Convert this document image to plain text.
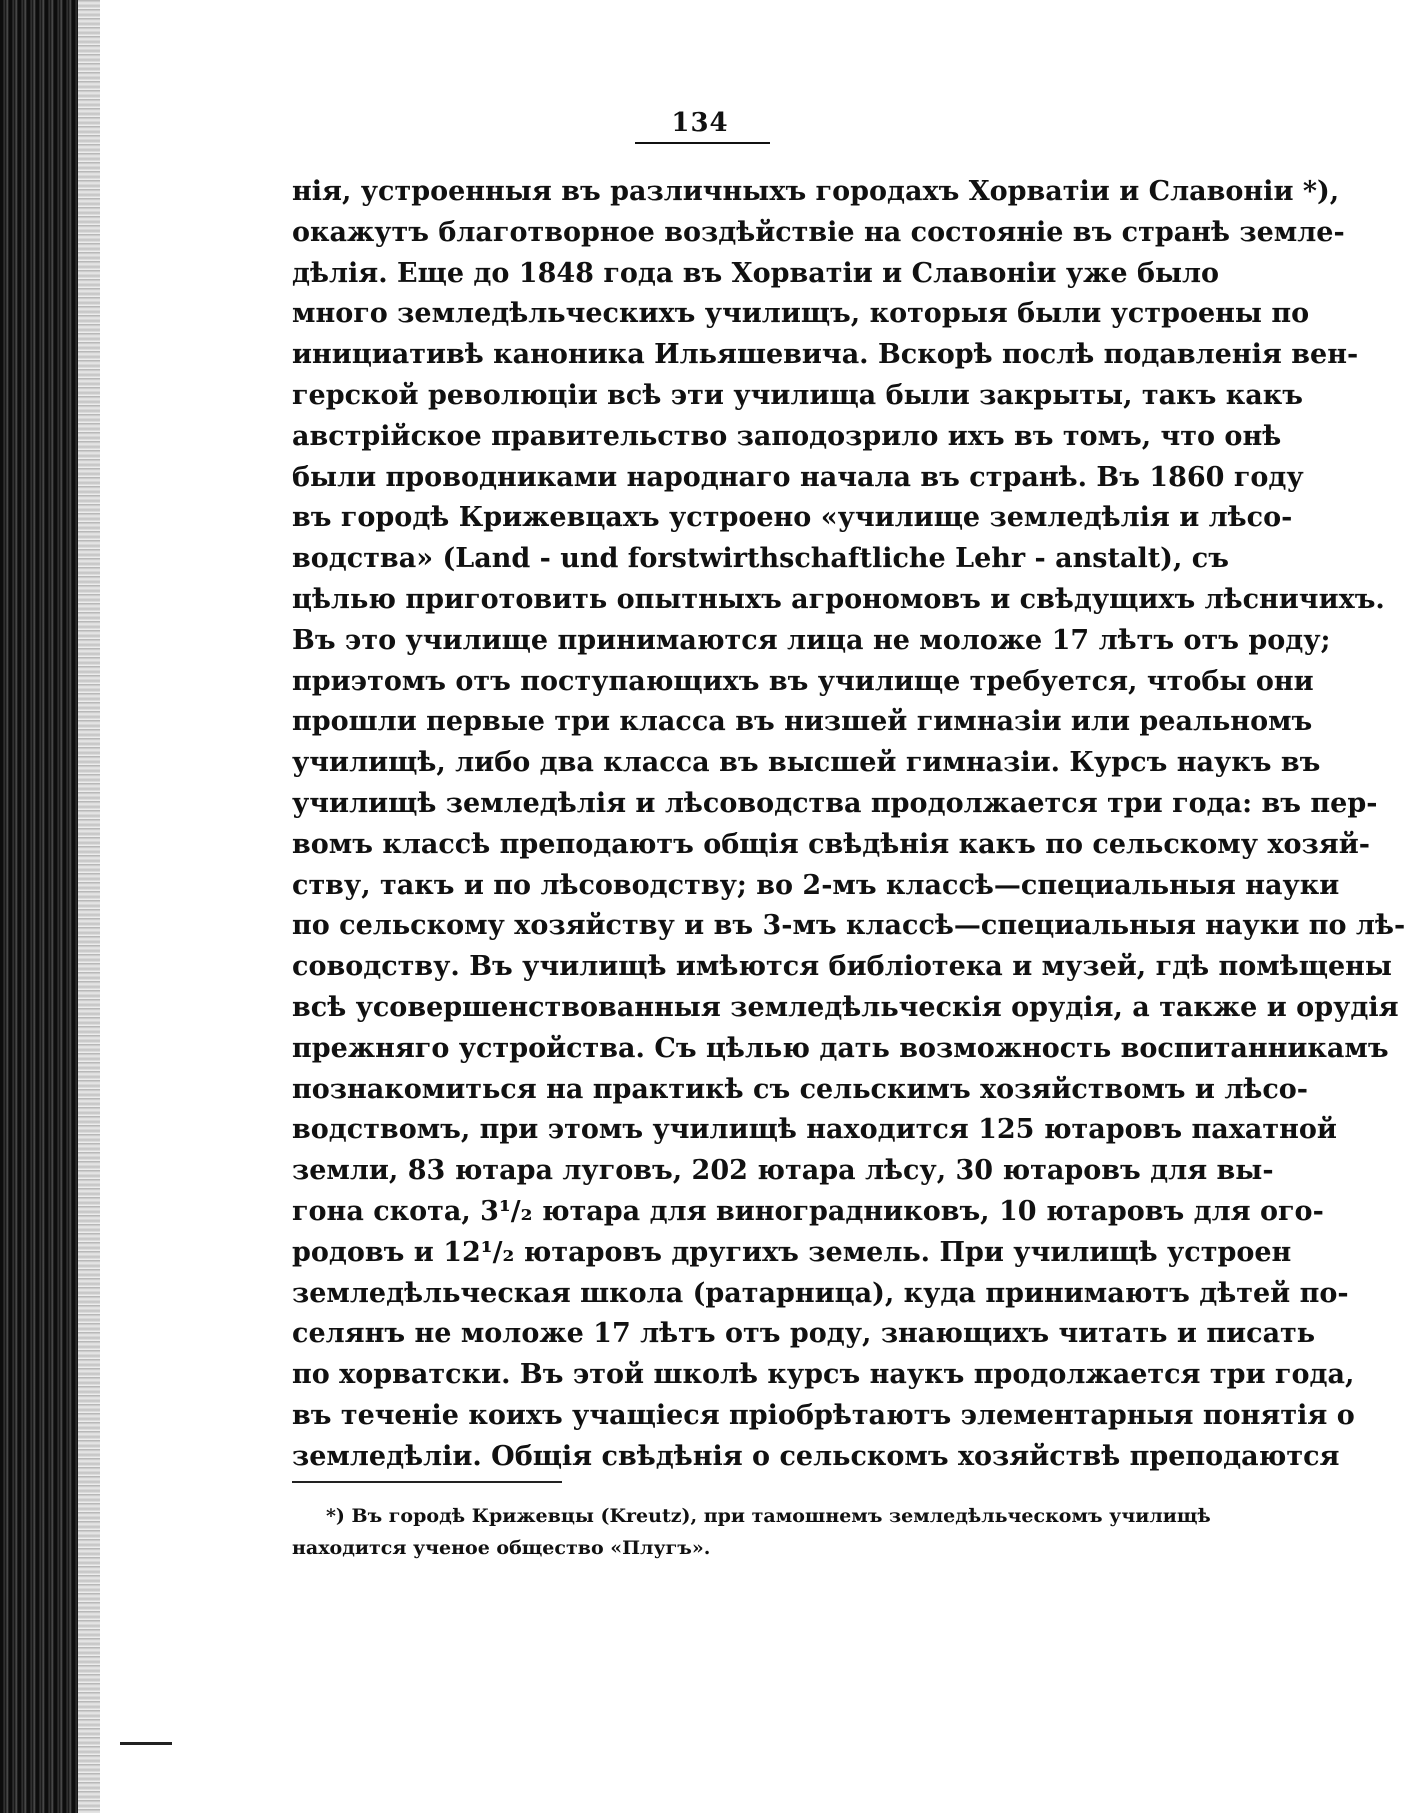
134
нія, устроенныя въ различныхъ городахъ Хорватіи и Славоніи *),
окажутъ благотворное воздѣйствіе на состояніе въ странѣ земле-
дѣлія. Еще до 1848 года въ Хорватіи и Славоніи уже было
много земледѣльческихъ училищъ, которыя были устроены по
инициативѣ каноника Ильяшевича. Вскорѣ послѣ подавленія вен-
герской революціи всѣ эти училища были закрыты, такъ какъ
австрійское правительство заподозрило ихъ въ томъ, что онѣ
были проводниками народнаго начала въ странѣ. Въ 1860 году
въ городѣ Крижевцахъ устроено «училище земледѣлія и лѣсо-
водства» (Land - und forstwirthschaftliche Lehr - anstalt), съ
цѣлью приготовить опытныхъ агрономовъ и свѣдущихъ лѣсничихъ.
Въ это училище принимаются лица не моложе 17 лѣтъ отъ роду;
приэтомъ отъ поступающихъ въ училище требуется, чтобы они
прошли первые три класса въ низшей гимназіи или реальномъ
училищѣ, либо два класса въ высшей гимназіи. Курсъ наукъ въ
училищѣ земледѣлія и лѣсоводства продолжается три года: въ пер-
вомъ классѣ преподаютъ общія свѣдѣнія какъ по сельскому хозяй-
ству, такъ и по лѣсоводству; во 2-мъ классѣ—специальныя науки
по сельскому хозяйству и въ 3-мъ классѣ—специальныя науки по лѣ-
соводству. Въ училищѣ имѣются библіотека и музей, гдѣ помѣщены
всѣ усовершенствованныя земледѣльческія орудія, а также и орудія
прежняго устройства. Съ цѣлью дать возможность воспитанникамъ
познакомиться на практикѣ съ сельскимъ хозяйствомъ и лѣсо-
водствомъ, при этомъ училищѣ находится 125 ютаровъ пахатной
земли, 83 ютара луговъ, 202 ютара лѣсу, 30 ютаровъ для вы-
гона скота, 3¹/₂ ютара для виноградниковъ, 10 ютаровъ для ого-
родовъ и 12¹/₂ ютаровъ другихъ земель. При училищѣ устроен
земледѣльческая школа (ратарница), куда принимаютъ дѣтей по-
селянъ не моложе 17 лѣтъ отъ роду, знающихъ читать и писать
по хорватски. Въ этой школѣ курсъ наукъ продолжается три года,
въ теченіе коихъ учащіеся пріобрѣтаютъ элементарныя понятія о
земледѣліи. Общія свѣдѣнія о сельскомъ хозяйствѣ преподаются
*) Въ городѣ Крижевцы (Kreutz), при тамошнемъ земледѣльческомъ училищѣ
находится ученое общество «Плугъ».
